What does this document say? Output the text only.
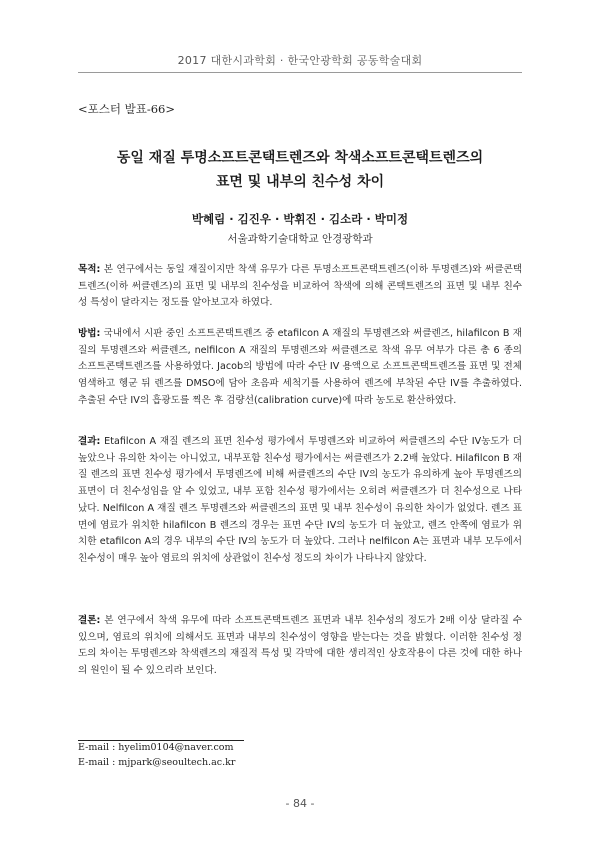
2017 대한시과학회 · 한국안광학회 공동학술대회
<포스터 발표-66>
동일 재질 투명소프트콘택트렌즈와 착색소프트콘택트렌즈의
표면 및 내부의 친수성 차이
박혜림 · 김진우 · 박휘진 · 김소라 · 박미정
서울과학기술대학교 안경광학과

목적: 본 연구에서는 동일 재질이지만 착색 유무가 다른 투명소프트콘택트렌즈(이하 투명렌즈)와 써클콘택트렌즈(이하 써클렌즈)의 표면 및 내부의 친수성을 비교하여 착색에 의해 콘택트렌즈의 표면 및 내부 친수성 특성이 달라지는 정도를 알아보고자 하였다.

방법: 국내에서 시판 중인 소프트콘택트렌즈 중 etafilcon A 재질의 투명렌즈와 써클렌즈, hilafilcon B 재질의 투명렌즈와 써클렌즈, nelfilcon A 재질의 투명렌즈와 써클렌즈로 착색 유무 여부가 다른 총 6 종의 소프트콘택트렌즈를 사용하였다. Jacob의 방법에 따라 수단 IV 용액으로 소프트콘택트렌즈를 표면 및 전체 염색하고 헹군 뒤 렌즈를 DMSO에 담아 초음파 세척기를 사용하여 렌즈에 부착된 수단 IV를 추출하였다. 추출된 수단 IV의 흡광도를 찍은 후 검량선(calibration curve)에 따라 농도로 환산하였다.

결과: Etafilcon A 재질 렌즈의 표면 친수성 평가에서 투명렌즈와 비교하여 써클렌즈의 수단 IV농도가 더 높았으나 유의한 차이는 아니었고, 내부포함 친수성 평가에서는 써클렌즈가 2.2배 높았다. Hilafilcon B 재질 렌즈의 표면 친수성 평가에서 투명렌즈에 비해 써클렌즈의 수단 IV의 농도가 유의하게 높아 투명렌즈의 표면이 더 친수성임을 알 수 있었고, 내부 포함 친수성 평가에서는 오히려 써클렌즈가 더 친수성으로 나타났다. Nelfilcon A 재질 렌즈 투명렌즈와 써클렌즈의 표면 및 내부 친수성이 유의한 차이가 없었다. 렌즈 표면에 염료가 위치한 hilafilcon B 렌즈의 경우는 표면 수단 IV의 농도가 더 높았고, 렌즈 안쪽에 염료가 위치한 etafilcon A의 경우 내부의 수단 IV의 농도가 더 높았다. 그러나 nelfilcon A는 표면과 내부 모두에서 친수성이 매우 높아 염료의 위치에 상관없이 친수성 정도의 차이가 나타나지 않았다.

결론: 본 연구에서 착색 유무에 따라 소프트콘택트렌즈 표면과 내부 친수성의 정도가 2배 이상 달라질 수 있으며, 염료의 위치에 의해서도 표면과 내부의 친수성이 영향을 받는다는 것을 밝혔다. 이러한 친수성 정도의 차이는 투명렌즈와 착색렌즈의 재질적 특성 및 각막에 대한 생리적인 상호작용이 다른 것에 대한 하나의 원인이 될 수 있으리라 보인다.

E-mail : hyelim0104@naver.com
E-mail : mjpark@seoultech.ac.kr
- 84 -
